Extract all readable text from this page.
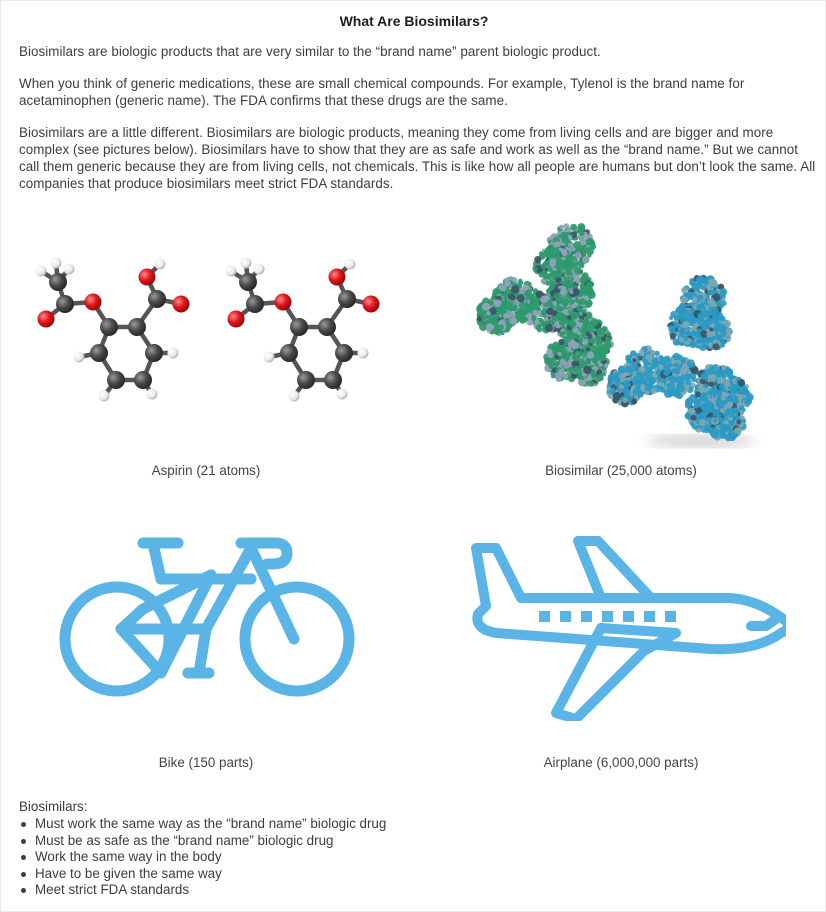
What Are Biosimilars?
Biosimilars are biologic products that are very similar to the “brand name” parent biologic product.
When you think of generic medications, these are small chemical compounds. For example, Tylenol is the brand name for acetaminophen (generic name). The FDA confirms that these drugs are the same.
Biosimilars are a little different. Biosimilars are biologic products, meaning they come from living cells and are bigger and more complex (see pictures below). Biosimilars have to show that they are as safe and work as well as the “brand name.” But we cannot call them generic because they are from living cells, not chemicals. This is like how all people are humans but don’t look the same. All companies that produce biosimilars meet strict FDA standards.
Aspirin (21 atoms)	Biosimilar (25,000 atoms)
Bike (150 parts)	Airplane (6,000,000 parts)
Biosimilars:
Must work the same way as the “brand name” biologic drug
Must be as safe as the “brand name” biologic drug
Work the same way in the body
Have to be given the same way
Meet strict FDA standards
